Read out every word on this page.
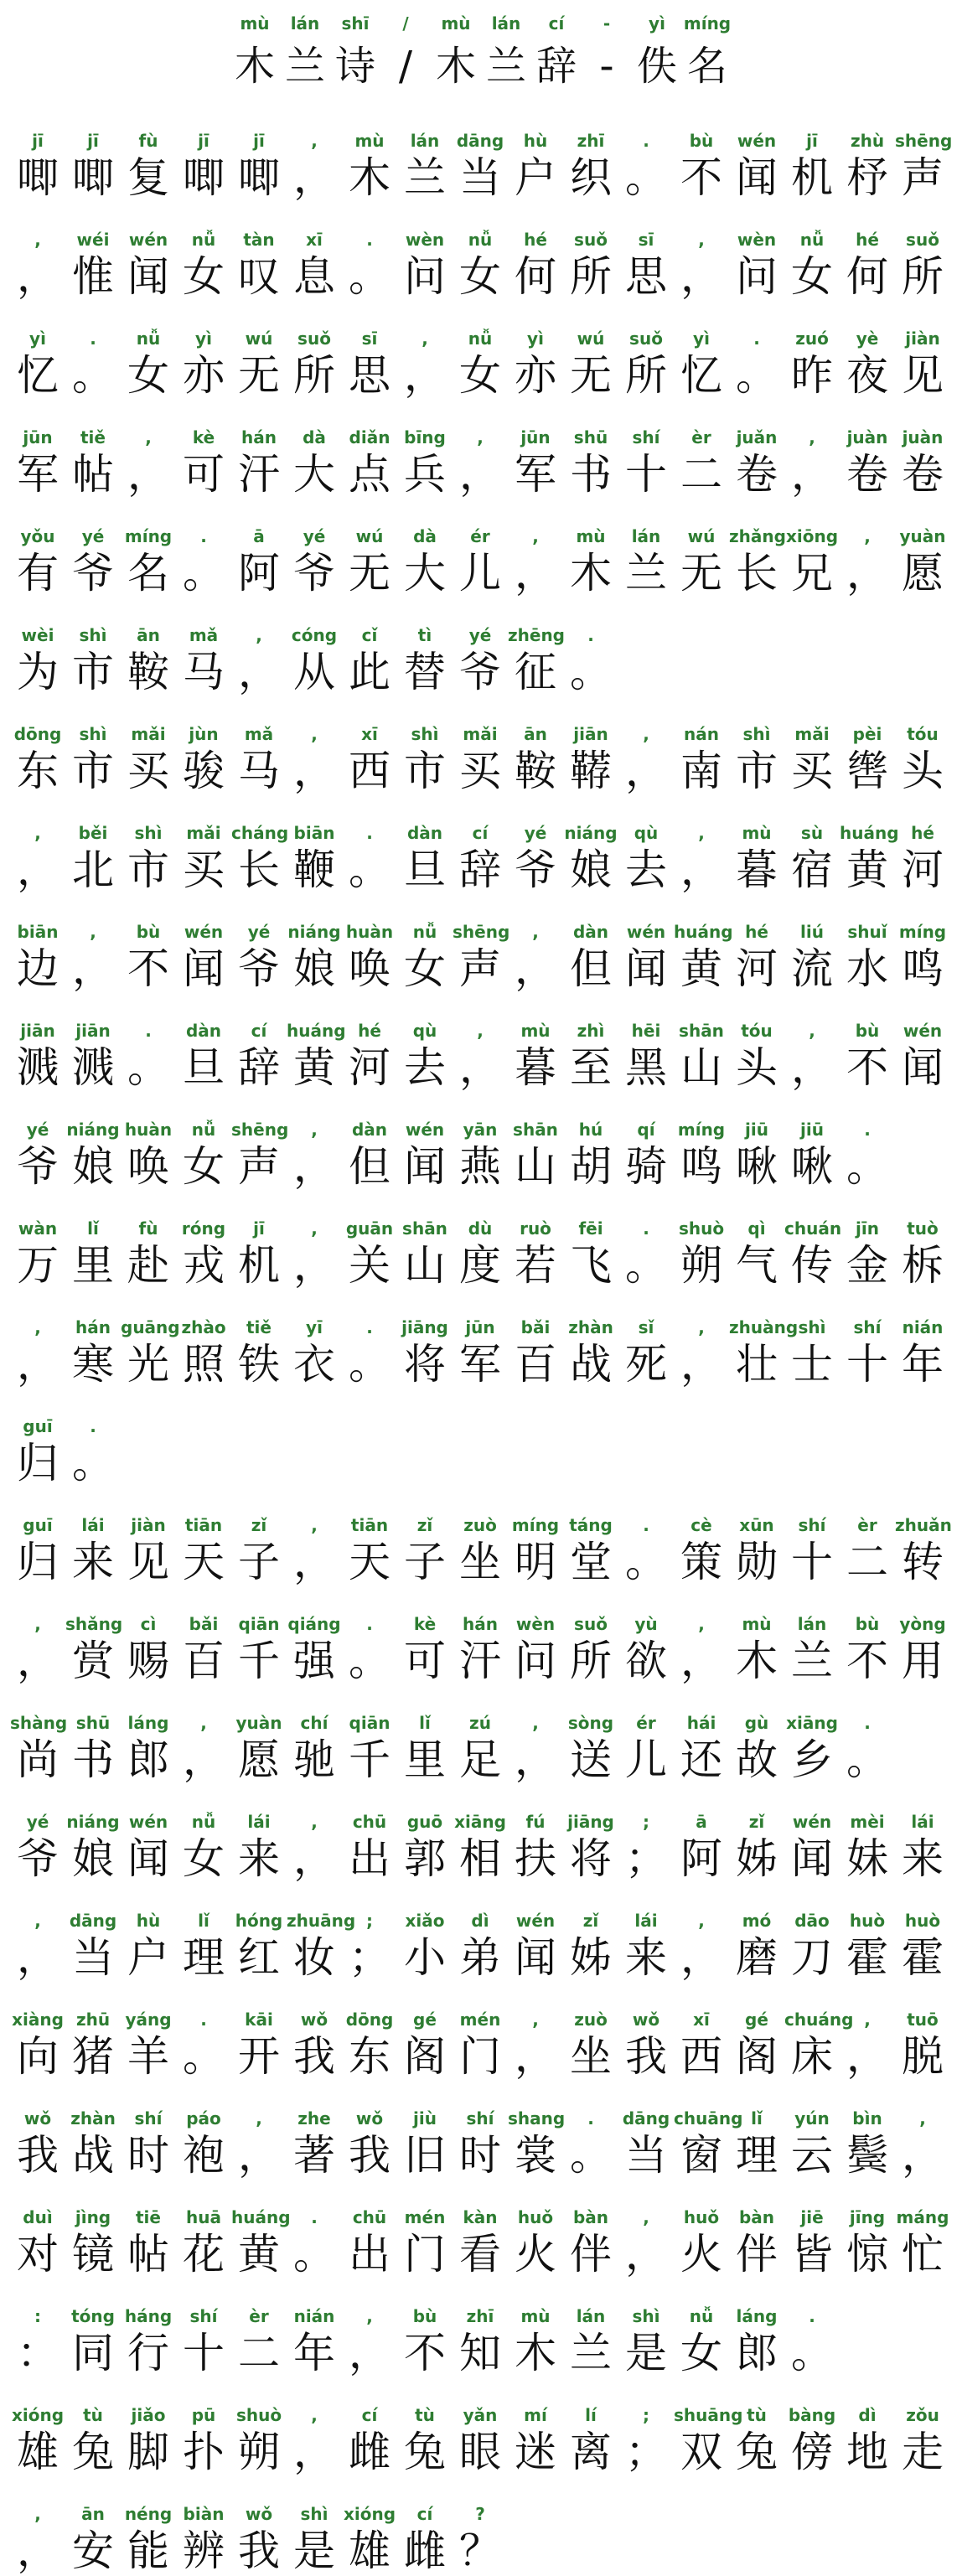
mù
木
lán
兰
shī
诗
/
/
mù
木
lán
兰
cí
辞
-
-
yì
佚
míng
名
jī
唧
jī
唧
fù
复
jī
唧
jī
唧
,
，
mù
木
lán
兰
dāng
当
hù
户
zhī
织
.
。
bù
不
wén
闻
jī
机
zhù
杼
shēng
声
,
，
wéi
惟
wén
闻
nǚ
女
tàn
叹
xī
息
.
。
wèn
问
nǚ
女
hé
何
suǒ
所
sī
思
,
，
wèn
问
nǚ
女
hé
何
suǒ
所
yì
忆
.
。
nǚ
女
yì
亦
wú
无
suǒ
所
sī
思
,
，
nǚ
女
yì
亦
wú
无
suǒ
所
yì
忆
.
。
zuó
昨
yè
夜
jiàn
见
jūn
军
tiě
帖
,
，
kè
可
hán
汗
dà
大
diǎn
点
bīng
兵
,
，
jūn
军
shū
书
shí
十
èr
二
juǎn
卷
,
，
juàn
卷
juàn
卷
yǒu
有
yé
爷
míng
名
.
。
ā
阿
yé
爷
wú
无
dà
大
ér
儿
,
，
mù
木
lán
兰
wú
无
zhǎng
长
xiōng
兄
,
，
yuàn
愿
wèi
为
shì
市
ān
鞍
mǎ
马
,
，
cóng
从
cǐ
此
tì
替
yé
爷
zhēng
征
.
。
dōng
东
shì
市
mǎi
买
jùn
骏
mǎ
马
,
，
xī
西
shì
市
mǎi
买
ān
鞍
jiān
鞯
,
，
nán
南
shì
市
mǎi
买
pèi
辔
tóu
头
,
，
běi
北
shì
市
mǎi
买
cháng
长
biān
鞭
.
。
dàn
旦
cí
辞
yé
爷
niáng
娘
qù
去
,
，
mù
暮
sù
宿
huáng
黄
hé
河
biān
边
,
，
bù
不
wén
闻
yé
爷
niáng
娘
huàn
唤
nǚ
女
shēng
声
,
，
dàn
但
wén
闻
huáng
黄
hé
河
liú
流
shuǐ
水
míng
鸣
jiān
溅
jiān
溅
.
。
dàn
旦
cí
辞
huáng
黄
hé
河
qù
去
,
，
mù
暮
zhì
至
hēi
黑
shān
山
tóu
头
,
，
bù
不
wén
闻
yé
爷
niáng
娘
huàn
唤
nǚ
女
shēng
声
,
，
dàn
但
wén
闻
yān
燕
shān
山
hú
胡
qí
骑
míng
鸣
jiū
啾
jiū
啾
.
。
wàn
万
lǐ
里
fù
赴
róng
戎
jī
机
,
，
guān
关
shān
山
dù
度
ruò
若
fēi
飞
.
。
shuò
朔
qì
气
chuán
传
jīn
金
tuò
柝
,
，
hán
寒
guāng
光
zhào
照
tiě
铁
yī
衣
.
。
jiāng
将
jūn
军
bǎi
百
zhàn
战
sǐ
死
,
，
zhuàng
壮
shì
士
shí
十
nián
年
guī
归
.
。
guī
归
lái
来
jiàn
见
tiān
天
zǐ
子
,
，
tiān
天
zǐ
子
zuò
坐
míng
明
táng
堂
.
。
cè
策
xūn
勋
shí
十
èr
二
zhuǎn
转
,
，
shǎng
赏
cì
赐
bǎi
百
qiān
千
qiáng
强
.
。
kè
可
hán
汗
wèn
问
suǒ
所
yù
欲
,
，
mù
木
lán
兰
bù
不
yòng
用
shàng
尚
shū
书
láng
郎
,
，
yuàn
愿
chí
驰
qiān
千
lǐ
里
zú
足
,
，
sòng
送
ér
儿
hái
还
gù
故
xiāng
乡
.
。
yé
爷
niáng
娘
wén
闻
nǚ
女
lái
来
,
，
chū
出
guō
郭
xiāng
相
fú
扶
jiāng
将
;
；
ā
阿
zǐ
姊
wén
闻
mèi
妹
lái
来
,
，
dāng
当
hù
户
lǐ
理
hóng
红
zhuāng
妆
;
；
xiǎo
小
dì
弟
wén
闻
zǐ
姊
lái
来
,
，
mó
磨
dāo
刀
huò
霍
huò
霍
xiàng
向
zhū
猪
yáng
羊
.
。
kāi
开
wǒ
我
dōng
东
gé
阁
mén
门
,
，
zuò
坐
wǒ
我
xī
西
gé
阁
chuáng
床
,
，
tuō
脱
wǒ
我
zhàn
战
shí
时
páo
袍
,
，
zhe
著
wǒ
我
jiù
旧
shí
时
shang
裳
.
。
dāng
当
chuāng
窗
lǐ
理
yún
云
bìn
鬓
,
，
duì
对
jìng
镜
tiē
帖
huā
花
huáng
黄
.
。
chū
出
mén
门
kàn
看
huǒ
火
bàn
伴
,
，
huǒ
火
bàn
伴
jiē
皆
jīng
惊
máng
忙
:
：
tóng
同
háng
行
shí
十
èr
二
nián
年
,
，
bù
不
zhī
知
mù
木
lán
兰
shì
是
nǚ
女
láng
郎
.
。
xióng
雄
tù
兔
jiǎo
脚
pū
扑
shuò
朔
,
，
cí
雌
tù
兔
yǎn
眼
mí
迷
lí
离
;
；
shuāng
双
tù
兔
bàng
傍
dì
地
zǒu
走
,
，
ān
安
néng
能
biàn
辨
wǒ
我
shì
是
xióng
雄
cí
雌
?
？
